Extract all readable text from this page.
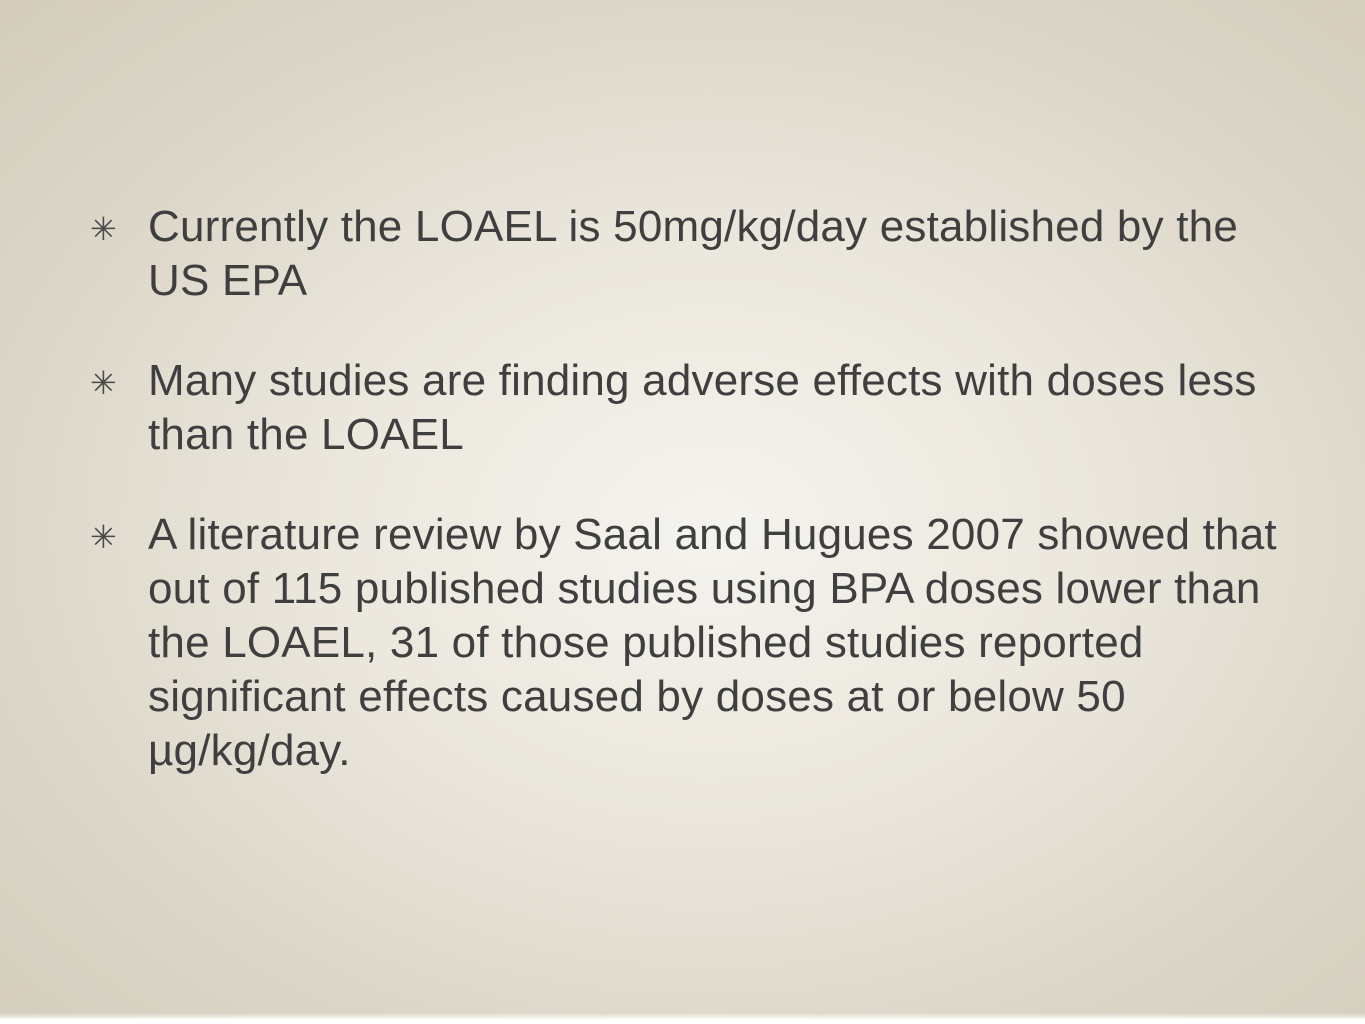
✳ Currently the LOAEL is 50mg/kg/day established by the US EPA
✳ Many studies are finding adverse effects with doses less than the LOAEL
✳ A literature review by Saal and Hugues 2007 showed that out of 115 published studies using BPA doses lower than the LOAEL, 31 of those published studies reported significant effects caused by doses at or below 50 µg/kg/day.
